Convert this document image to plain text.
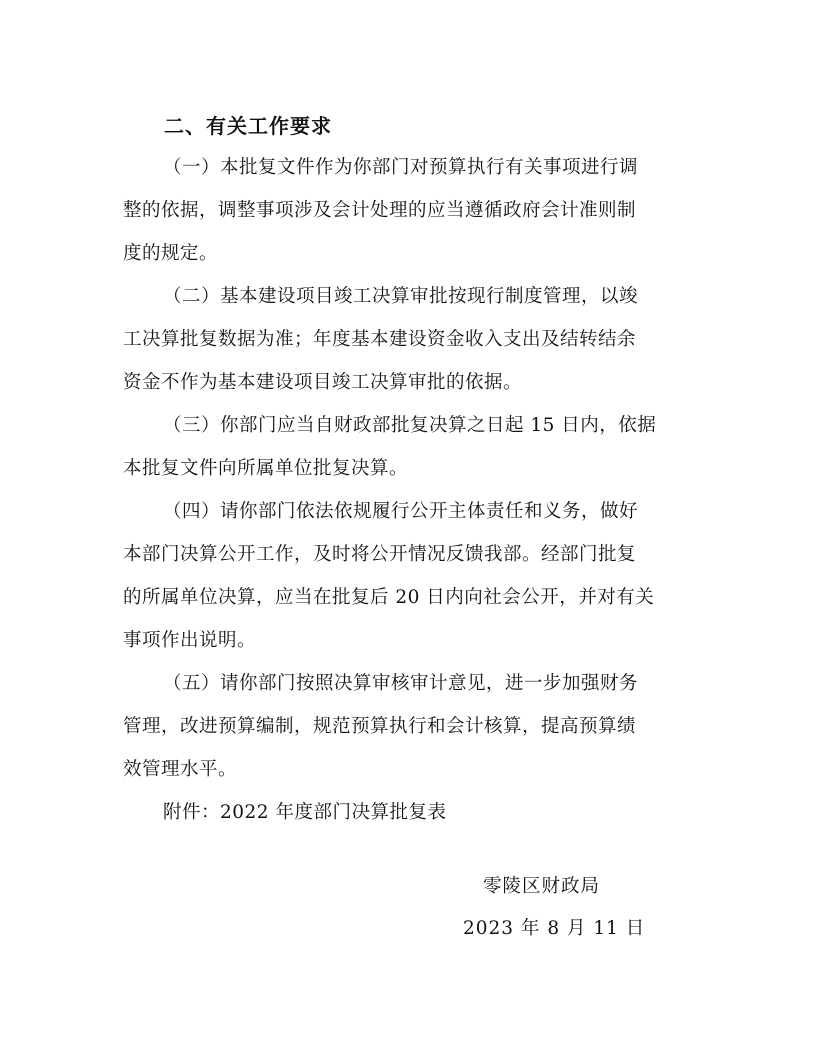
二、有关工作要求
（一）本批复文件作为你部门对预算执行有关事项进行调
整的依据，调整事项涉及会计处理的应当遵循政府会计准则制
度的规定。
（二）基本建设项目竣工决算审批按现行制度管理，以竣
工决算批复数据为准；年度基本建设资金收入支出及结转结余
资金不作为基本建设项目竣工决算审批的依据。
（三）你部门应当自财政部批复决算之日起 15 日内，依据
本批复文件向所属单位批复决算。
（四）请你部门依法依规履行公开主体责任和义务，做好
本部门决算公开工作，及时将公开情况反馈我部。经部门批复
的所属单位决算，应当在批复后 20 日内向社会公开，并对有关
事项作出说明。
（五）请你部门按照决算审核审计意见，进一步加强财务
管理，改进预算编制，规范预算执行和会计核算，提高预算绩
效管理水平。
附件：2022 年度部门决算批复表
零陵区财政局
2023 年 8 月 11 日
